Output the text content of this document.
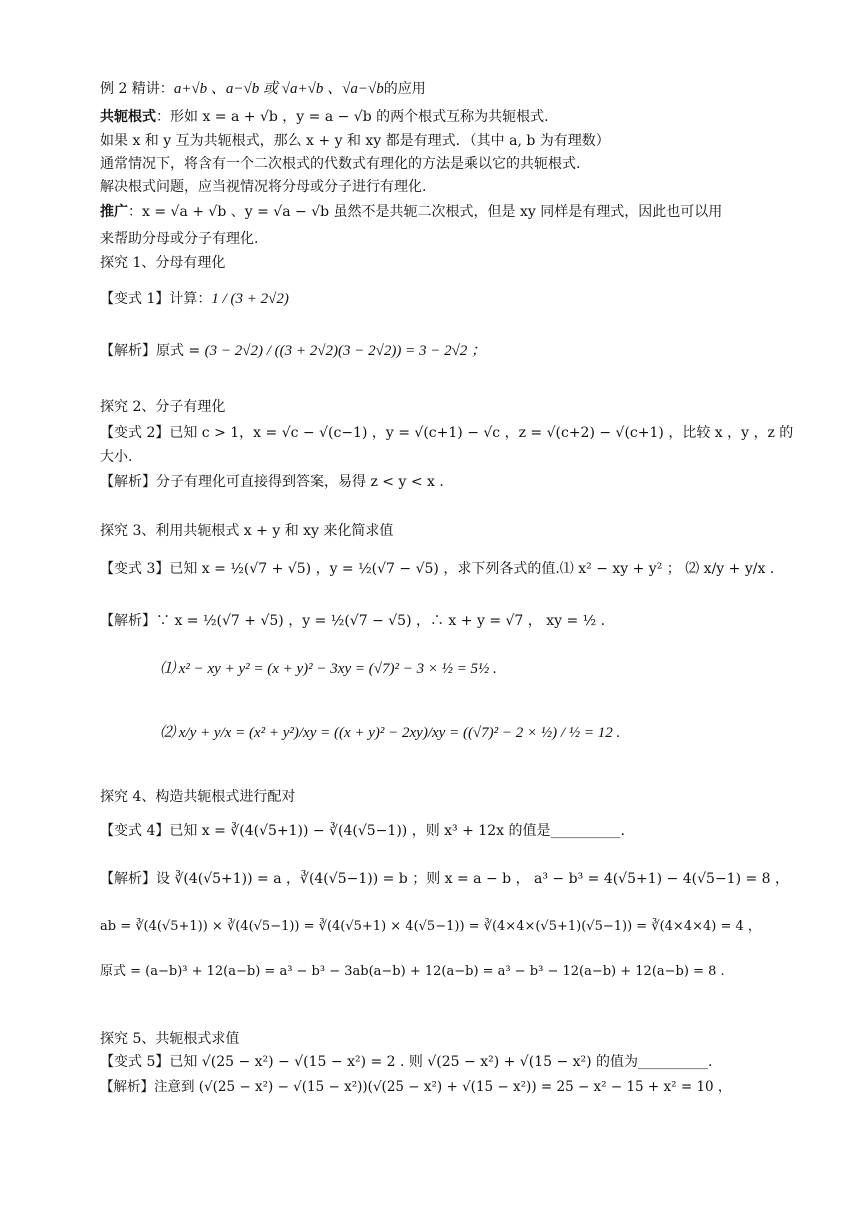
例 2 精讲：a+√b 、a−√b 或 √a+√b 、√a−√b的应用
共轭根式：形如 x = a + √b ，y = a − √b 的两个根式互称为共轭根式.
如果 x 和 y 互为共轭根式，那么 x + y 和 xy 都是有理式．（其中 a, b 为有理数）
通常情况下，将含有一个二次根式的代数式有理化的方法是乘以它的共轭根式.
解决根式问题，应当视情况将分母或分子进行有理化.
推广：x = √a + √b 、y = √a − √b 虽然不是共轭二次根式，但是 xy 同样是有理式，因此也可以用
来帮助分母或分子有理化.
探究 1、分母有理化
【变式 1】计算：1 / (3 + 2√2)
【解析】原式 = (3 − 2√2) / ((3 + 2√2)(3 − 2√2)) = 3 − 2√2 ；
探究 2、分子有理化
【变式 2】已知 c > 1，x = √c − √(c−1) ，y = √(c+1) − √c ，z = √(c+2) − √(c+1) ，比较 x ，y ，z 的
大小.
【解析】分子有理化可直接得到答案，易得 z < y < x .
探究 3、利用共轭根式 x + y 和 xy 来化简求值
【变式 3】已知 x = ½(√7 + √5) ，y = ½(√7 − √5) ，求下列各式的值.⑴ x² − xy + y² ； ⑵ x/y + y/x .
【解析】∵ x = ½(√7 + √5) ，y = ½(√7 − √5) ，∴ x + y = √7 ， xy = ½ .
⑴ x² − xy + y² = (x + y)² − 3xy = (√7)² − 3 × ½ = 5½ .
⑵ x/y + y/x = (x² + y²)/xy = ((x + y)² − 2xy)/xy = ((√7)² − 2 × ½) / ½ = 12 .
探究 4、构造共轭根式进行配对
【变式 4】已知 x = ∛(4(√5+1)) − ∛(4(√5−1)) ，则 x³ + 12x 的值是__________.
【解析】设 ∛(4(√5+1)) = a ，∛(4(√5−1)) = b ；则 x = a − b ， a³ − b³ = 4(√5+1) − 4(√5−1) = 8 ，
ab = ∛(4(√5+1)) × ∛(4(√5−1)) = ∛(4(√5+1) × 4(√5−1)) = ∛(4×4×(√5+1)(√5−1)) = ∛(4×4×4) = 4 ，
原式 = (a−b)³ + 12(a−b) = a³ − b³ − 3ab(a−b) + 12(a−b) = a³ − b³ − 12(a−b) + 12(a−b) = 8 .
探究 5、共轭根式求值
【变式 5】已知 √(25 − x²) − √(15 − x²) = 2 . 则 √(25 − x²) + √(15 − x²) 的值为__________.
【解析】注意到 (√(25 − x²) − √(15 − x²))(√(25 − x²) + √(15 − x²)) = 25 − x² − 15 + x² = 10 ，
